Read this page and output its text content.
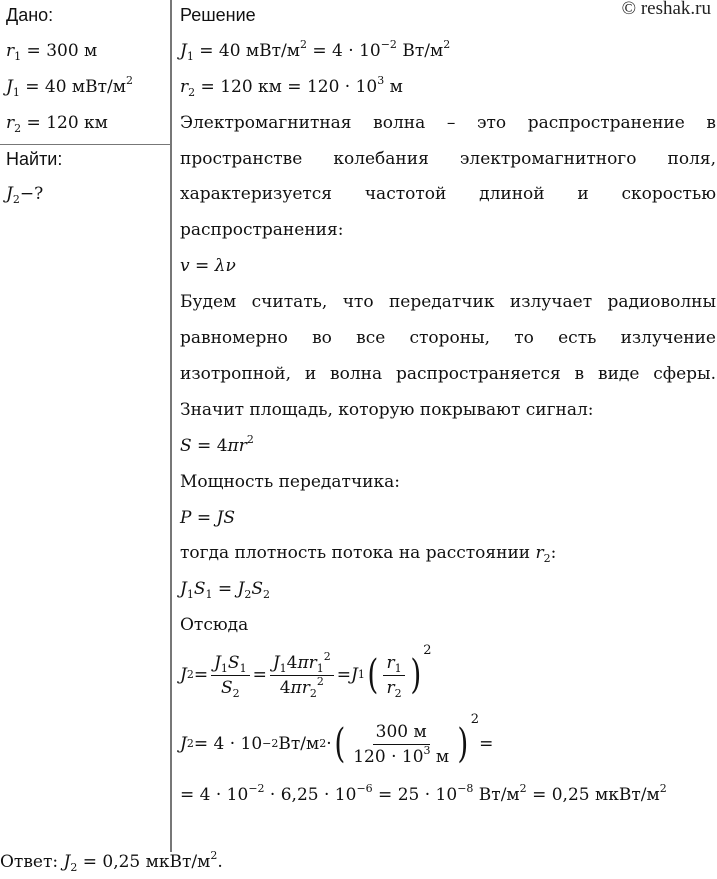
© reshak.ru
Дано:
$r_1 = 300$ м
$J_1 = 40$ мВт/$м^2$
$r_2 = 120$ км
Найти:
$J_2-$?
Решение
$J_1 = 40$ мВт/$м^2 = 4 \cdot 10^{-2}$ $Вт/м^2$
$r_2 = 120$ км = $120 \cdot 10^3$ м
Электромагнитная волна – это распространение в пространстве колебания электромагнитного поля, характеризуется частотой длиной и скоростью распространения:
v = λν
Будем считать, что передатчик излучает радиоволны равномерно во все стороны, то есть излучение изотропной, и волна распространяется в виде сферы.
Значит площадь, которую покрывают сигнал:
$S = 4\pi r^2$
Мощность передатчика:
P = JS
тогда плотность потока на расстоянии $r_2$:
$J_1S_1 = J_2S_2$
Отсюда
J $2 = \frac{J_1S_1}{S_2} = \frac{J_14\pi r_1^2}{4\pi r_2^2} = J$ 1 ( $\frac{r_1}{r_2}$ )
2
J 2 = 4 · 10 −2 Вт/м 2 · ( $\frac{300 м}{120 \cdot 10^3 м}$ )
2
=
= $4 \cdot 10^{-2} \cdot 6,25 \cdot 10^{-6} = 25 \cdot 10^{-8}$ $Вт/м^2 = 0,25$ мкВт/$м^2$
Ответ: $J_2 = 0,25$ мкВт/$м^2$.
